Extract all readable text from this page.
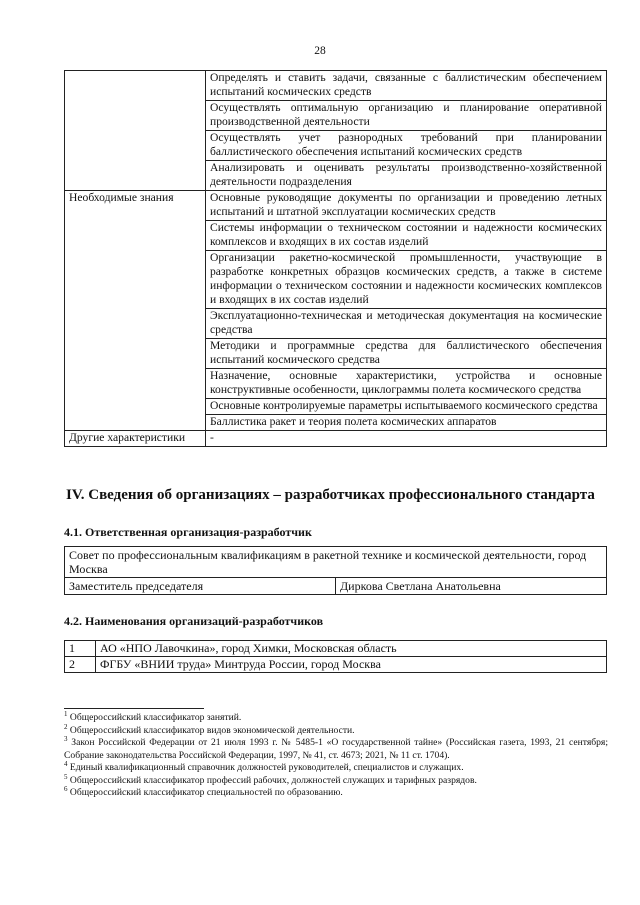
28
	Определять и ставить задачи, связанные с баллистическим обеспечением испытаний космических средств
	Осуществлять оптимальную организацию и планирование оперативной производственной деятельности
	Осуществлять учет разнородных требований при планировании баллистического обеспечения испытаний космических средств
	Анализировать и оценивать результаты производственно-хозяйственной деятельности подразделения
Необходимые знания	Основные руководящие документы по организации и проведению летных испытаний и штатной эксплуатации космических средств
	Системы информации о техническом состоянии и надежности космических комплексов и входящих в их состав изделий
	Организации ракетно-космической промышленности, участвующие в разработке конкретных образцов космических средств, а также в системе информации о техническом состоянии и надежности космических комплексов и входящих в их состав изделий
	Эксплуатационно-техническая и методическая документация на космические средства
	Методики и программные средства для баллистического обеспечения испытаний космического средства
	Назначение, основные характеристики, устройства и основные конструктивные особенности, циклограммы полета космического средства
	Основные контролируемые параметры испытываемого космического средства
	Баллистика ракет и теория полета космических аппаратов
Другие характеристики	-
IV. Сведения об организациях – разработчиках профессионального стандарта
4.1. Ответственная организация-разработчик
Совет по профессиональным квалификациям в ракетной технике и космической деятельности, город Москва
Заместитель председателя	Диркова Светлана Анатольевна
4.2. Наименования организаций-разработчиков
1	АО «НПО Лавочкина», город Химки, Московская область
2	ФГБУ «ВНИИ труда» Минтруда России, город Москва
$^1$ Общероссийский классификатор занятий.
$^2$ Общероссийский классификатор видов экономической деятельности.
$^3$ Закон Российской Федерации от 21 июля 1993 г. № 5485-1 «О государственной тайне» (Российская газета, 1993, 21 сентября; Собрание законодательства Российской Федерации, 1997, № 41, ст. 4673; 2021, № 11 ст. 1704).
$^4$ Единый квалификационный справочник должностей руководителей, специалистов и служащих.
$^5$ Общероссийский классификатор профессий рабочих, должностей служащих и тарифных разрядов.
$^6$ Общероссийский классификатор специальностей по образованию.
